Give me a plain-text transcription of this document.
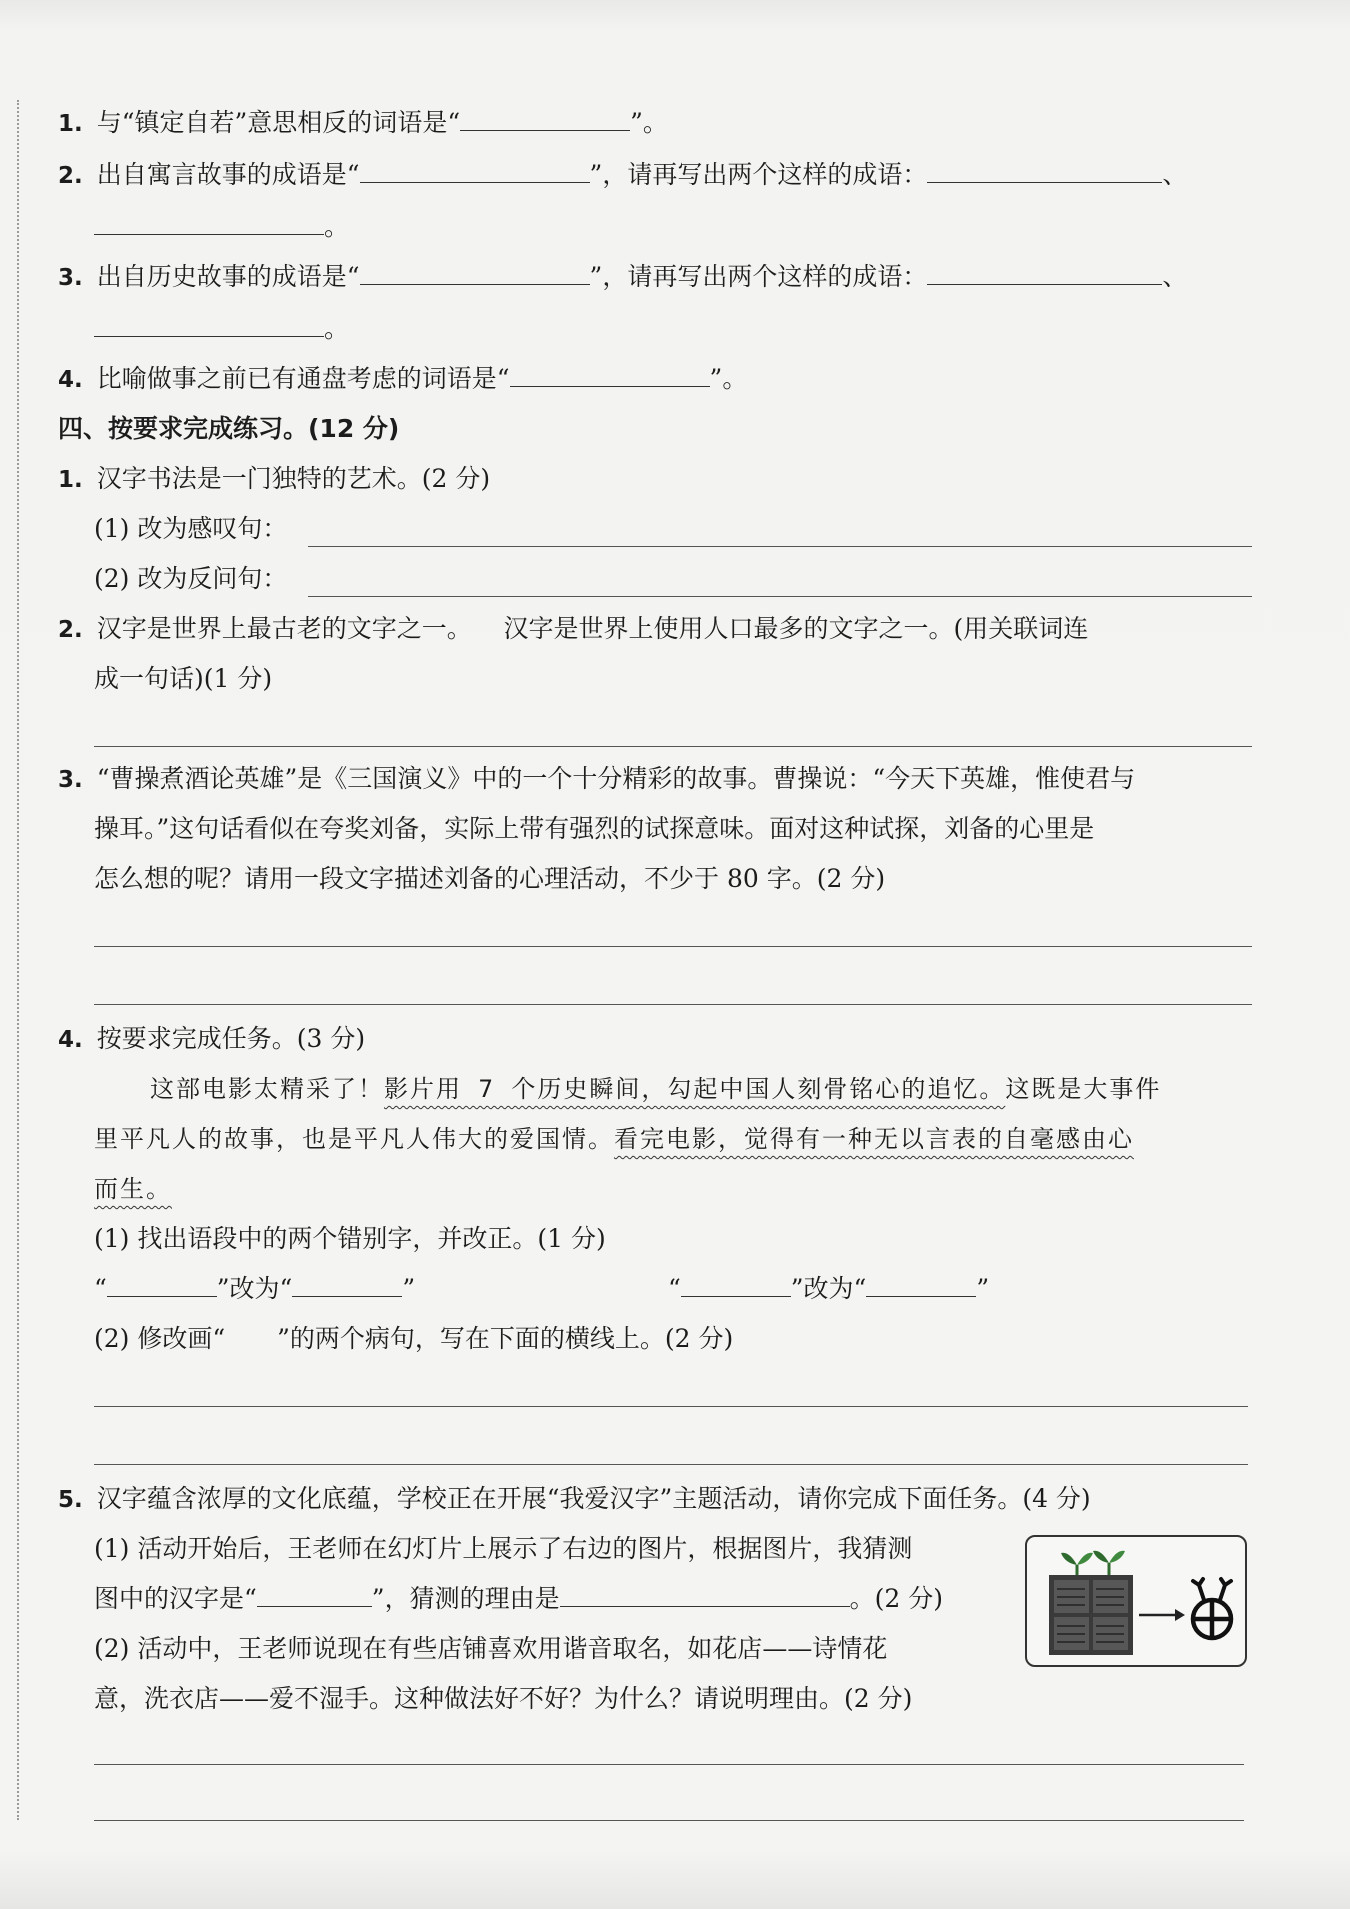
1. 与“镇定自若”意思相反的词语是“	”。
2. 出自寓言故事的成语是“	”，请再写出两个这样的成语：	、
。
3. 出自历史故事的成语是“	”，请再写出两个这样的成语：	、
。
4. 比喻做事之前已有通盘考虑的词语是“	”。
四、按要求完成练习。(12 分)
1. 汉字书法是一门独特的艺术。(2 分)
(1) 改为感叹句：
(2) 改为反问句：
2. 汉字是世界上最古老的文字之一。    汉字是世界上使用人口最多的文字之一。(用关联词连
成一句话)(1 分)
3. “曹操煮酒论英雄”是《三国演义》中的一个十分精彩的故事。曹操说：“今天下英雄，惟使君与
操耳。”这句话看似在夸奖刘备，实际上带有强烈的试探意味。面对这种试探，刘备的心里是
怎么想的呢？请用一段文字描述刘备的心理活动，不少于 80 字。(2 分)
4. 按要求完成任务。(3 分)
这部电影太精采了！影片用 7 个历史瞬间，勾起中国人刻骨铭心的追忆。这既是大事件
里平凡人的故事，也是平凡人伟大的爱国情。看完电影，觉得有一种无以言表的自毫感由心
而生。
(1) 找出语段中的两个错别字，并改正。(1 分)
“	”改为“	”	“	”改为“	”
(2) 修改画“ ”的两个病句，写在下面的横线上。(2 分)
5. 汉字蕴含浓厚的文化底蕴，学校正在开展“我爱汉字”主题活动，请你完成下面任务。(4 分)
(1) 活动开始后，王老师在幻灯片上展示了右边的图片，根据图片，我猜测
图中的汉字是“	”，猜测的理由是	。(2 分)
(2) 活动中，王老师说现在有些店铺喜欢用谐音取名，如花店——诗情花
意，洗衣店——爱不湿手。这种做法好不好？为什么？请说明理由。(2 分)
